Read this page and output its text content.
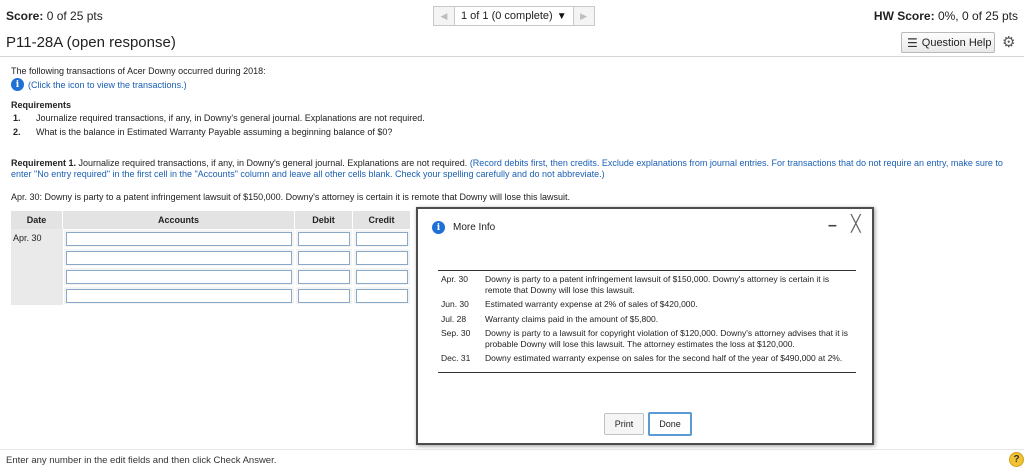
Score: 0 of 25 pts	◀	1 of 1 (0 complete) ▼	▶	HW Score: 0%, 0 of 25 pts
P11-28A (open response)	☰ Question Help ⚙
The following transactions of Acer Downy occurred during 2018:
i (Click the icon to view the transactions.)
Requirements
1. Journalize required transactions, if any, in Downy's general journal. Explanations are not required.
2. What is the balance in Estimated Warranty Payable assuming a beginning balance of $0?
Requirement 1. Journalize required transactions, if any, in Downy's general journal. Explanations are not required. (Record debits first, then credits. Exclude explanations from journal entries. For transactions that do not require an entry, make sure to enter "No entry required" in the first cell in the "Accounts" column and leave all other cells blank. Check your spelling carefully and do not abbreviate.)
Apr. 30: Downy is party to a patent infringement lawsuit of $150,000. Downy's attorney is certain it is remote that Downy will lose this lawsuit.
Date	Accounts	Debit	Credit
Apr. 30
i	More Info	– ╳
Apr. 30	Downy is party to a patent infringement lawsuit of $150,000. Downy's attorney is certain it is remote that Downy will lose this lawsuit.
Jun. 30	Estimated warranty expense at 2% of sales of $420,000.
Jul. 28	Warranty claims paid in the amount of $5,800.
Sep. 30	Downy is party to a lawsuit for copyright violation of $120,000. Downy's attorney advises that it is probable Downy will lose this lawsuit. The attorney estimates the loss at $120,000.
Dec. 31	Downy estimated warranty expense on sales for the second half of the year of $490,000 at 2%.
Print	Done
Enter any number in the edit fields and then click Check Answer.	?
